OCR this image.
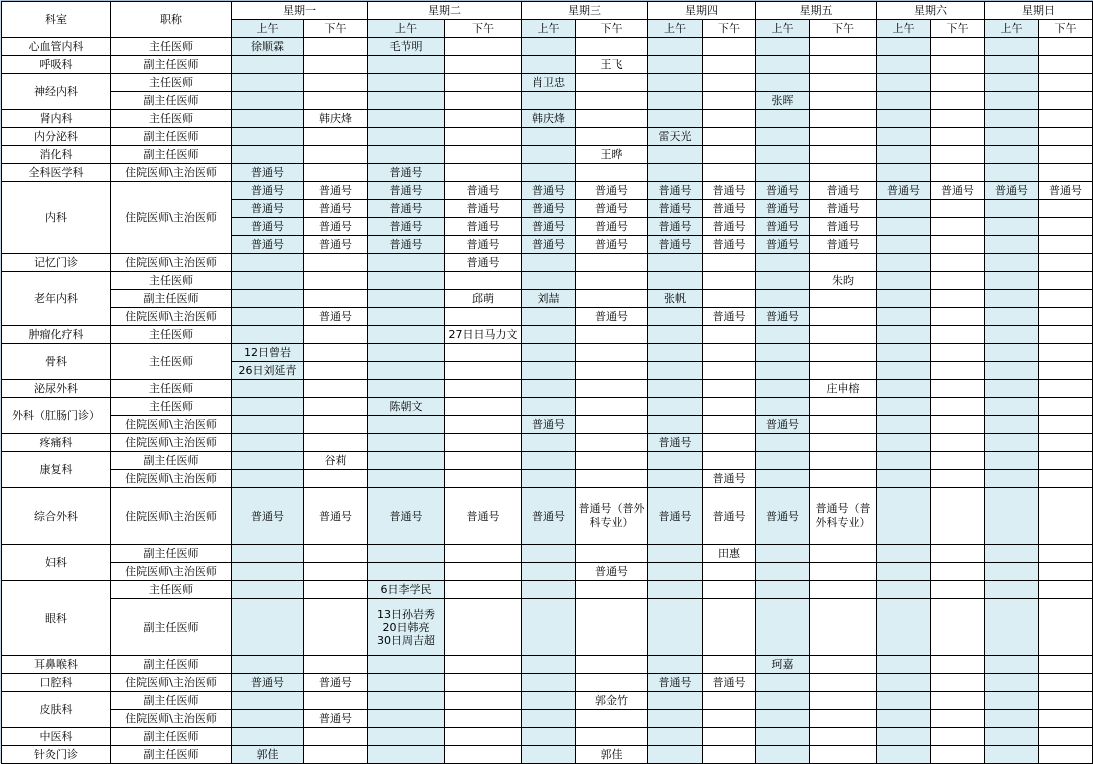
科室	职称	星期一		星期二		星期三		星期四		星期五		星期六		星期日	
		上午	下午	上午	下午	上午	下午	上午	下午	上午	下午	上午	下午	上午	下午
心血管内科	主任医师	徐顺霖		毛节明											
呼吸科	副主任医师						王飞								
神经内科	主任医师					肖卫忠									
	副主任医师									张晖					
肾内科	主任医师		韩庆烽			韩庆烽									
内分泌科	副主任医师							雷天光							
消化科	副主任医师						王晔								
全科医学科	住院医师\主治医师	普通号		普通号											
内科	住院医师\主治医师	普通号	普通号	普通号	普通号	普通号	普通号	普通号	普通号	普通号	普通号	普通号	普通号	普通号	普通号
		普通号	普通号	普通号	普通号	普通号	普通号	普通号	普通号	普通号	普通号				
		普通号	普通号	普通号	普通号	普通号	普通号	普通号	普通号	普通号	普通号				
		普通号	普通号	普通号	普通号	普通号	普通号	普通号	普通号	普通号	普通号				
记忆门诊	住院医师\主治医师				普通号										
老年内科	主任医师										朱昀				
	副主任医师				邱萌	刘喆		张帆							
	住院医师\主治医师		普通号				普通号		普通号	普通号					
肿瘤化疗科	主任医师				27日日马力文										
骨科	主任医师	12日曾岩													
		26日刘延青													
泌尿外科	主任医师										庄申榕				
外科（肛肠门诊）	主任医师			陈朝文											
	住院医师\主治医师					普通号				普通号					
疼痛科	住院医师\主治医师							普通号							
康复科	副主任医师		谷莉												
	住院医师\主治医师								普通号						
综合外科	住院医师\主治医师	普通号	普通号	普通号	普通号	普通号	普通号（普外科专业）	普通号	普通号	普通号	普通号（普外科专业）				
妇科	副主任医师								田惠						
	住院医师\主治医师						普通号								
眼科	主任医师			6日李学民											
	副主任医师			13日孙岩秀
20日韩亮
30日周吉超											

耳鼻喉科	副主任医师									珂嘉					
口腔科	住院医师\主治医师	普通号	普通号					普通号	普通号						
皮肤科	副主任医师						郭金竹								
	住院医师\主治医师		普通号												
中医科	副主任医师														
针灸门诊	副主任医师	郭佳					郭佳								
